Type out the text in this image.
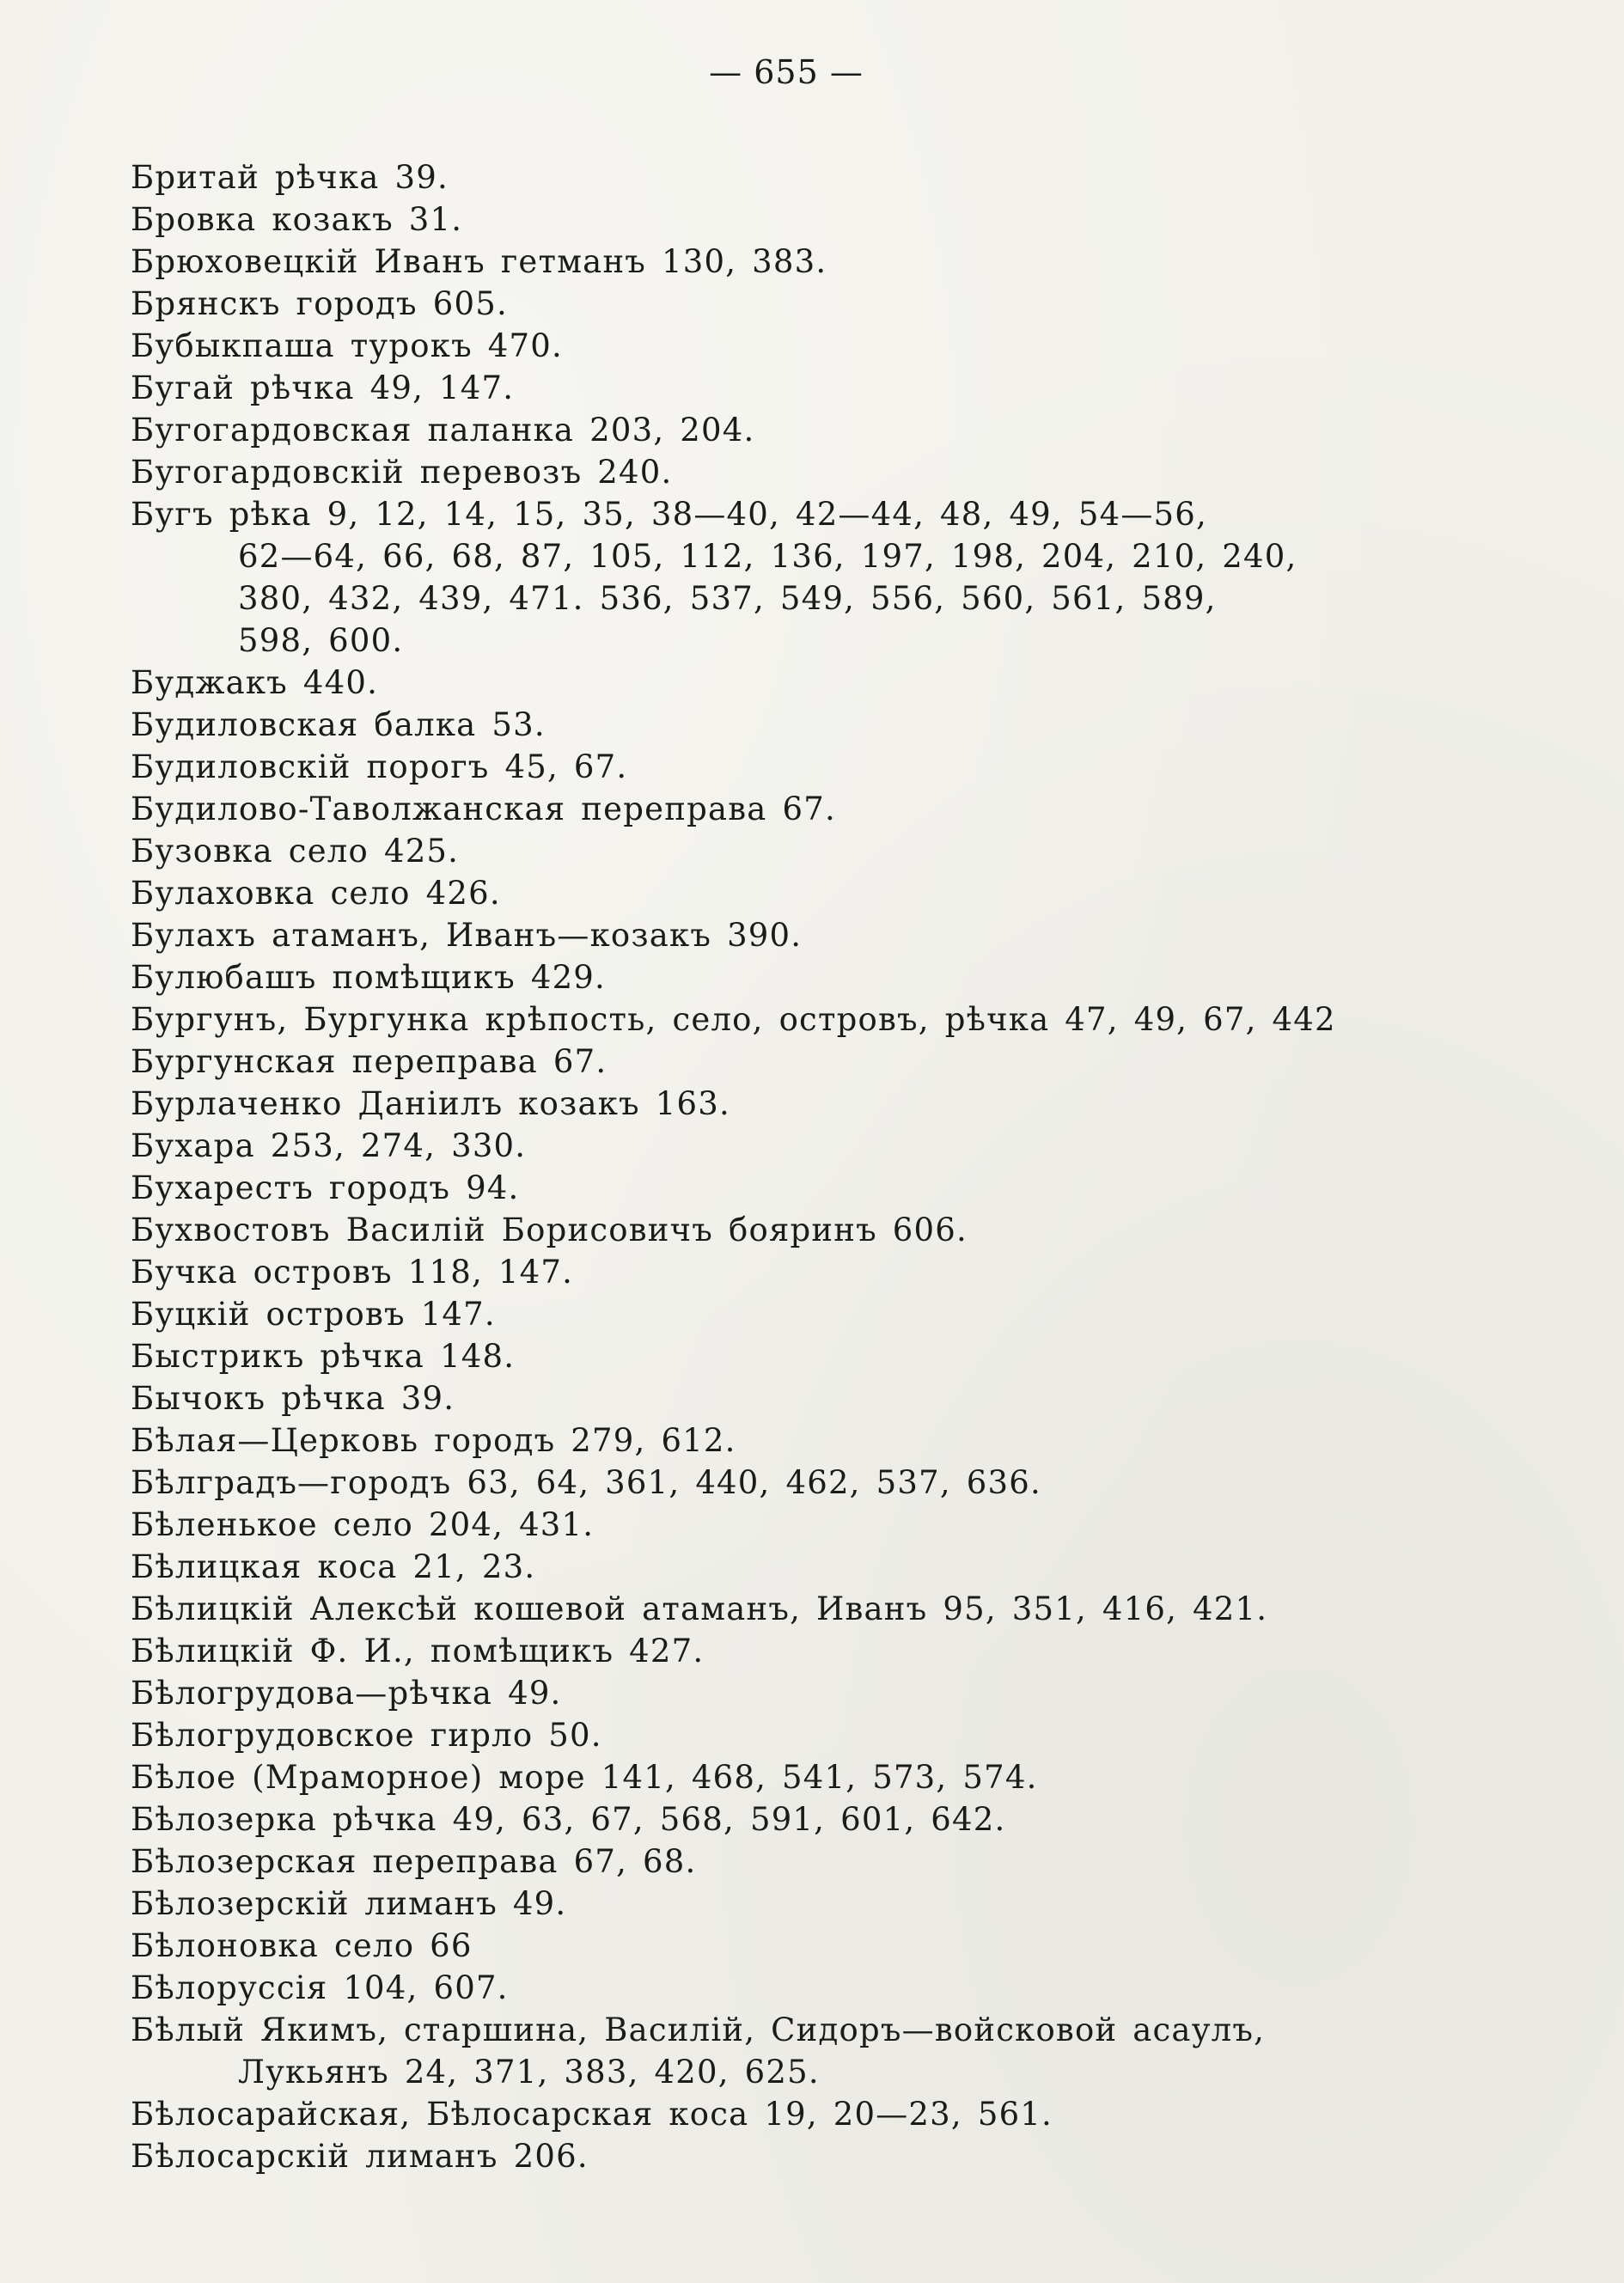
— 655 —
Бритай рѣчка 39.
Бровка козакъ 31.
Брюховецкій Иванъ гетманъ 130, 383.
Брянскъ городъ 605.
Бубыкпаша турокъ 470.
Бугай рѣчка 49, 147.
Бугогардовская паланка 203, 204.
Бугогардовскій перевозъ 240.
Бугъ рѣка 9, 12, 14, 15, 35, 38—40, 42—44, 48, 49, 54—56,
62—64, 66, 68, 87, 105, 112, 136, 197, 198, 204, 210, 240,
380, 432, 439, 471. 536, 537, 549, 556, 560, 561, 589,
598, 600.
Буджакъ 440.
Будиловская балка 53.
Будиловскій порогъ 45, 67.
Будилово-Таволжанская переправа 67.
Бузовка село 425.
Булаховка село 426.
Булахъ атаманъ, Иванъ—козакъ 390.
Булюбашъ помѣщикъ 429.
Бургунъ, Бургунка крѣпость, село, островъ, рѣчка 47, 49, 67, 442
Бургунская переправа 67.
Бурлаченко Даніилъ козакъ 163.
Бухара 253, 274, 330.
Бухарестъ городъ 94.
Бухвостовъ Василій Борисовичъ бояринъ 606.
Бучка островъ 118, 147.
Буцкій островъ 147.
Быстрикъ рѣчка 148.
Бычокъ рѣчка 39.
Бѣлая—Церковь городъ 279, 612.
Бѣлградъ—городъ 63, 64, 361, 440, 462, 537, 636.
Бѣленькое село 204, 431.
Бѣлицкая коса 21, 23.
Бѣлицкій Алексѣй кошевой атаманъ, Иванъ 95, 351, 416, 421.
Бѣлицкій Ф. И., помѣщикъ 427.
Бѣлогрудова—рѣчка 49.
Бѣлогрудовское гирло 50.
Бѣлое (Мраморное) море 141, 468, 541, 573, 574.
Бѣлозерка рѣчка 49, 63, 67, 568, 591, 601, 642.
Бѣлозерская переправа 67, 68.
Бѣлозерскій лиманъ 49.
Бѣлоновка село 66
Бѣлоруссія 104, 607.
Бѣлый Якимъ, старшина, Василій, Сидоръ—войсковой асаулъ,
Лукьянъ 24, 371, 383, 420, 625.
Бѣлосарайская, Бѣлосарская коса 19, 20—23, 561.
Бѣлосарскій лиманъ 206.
